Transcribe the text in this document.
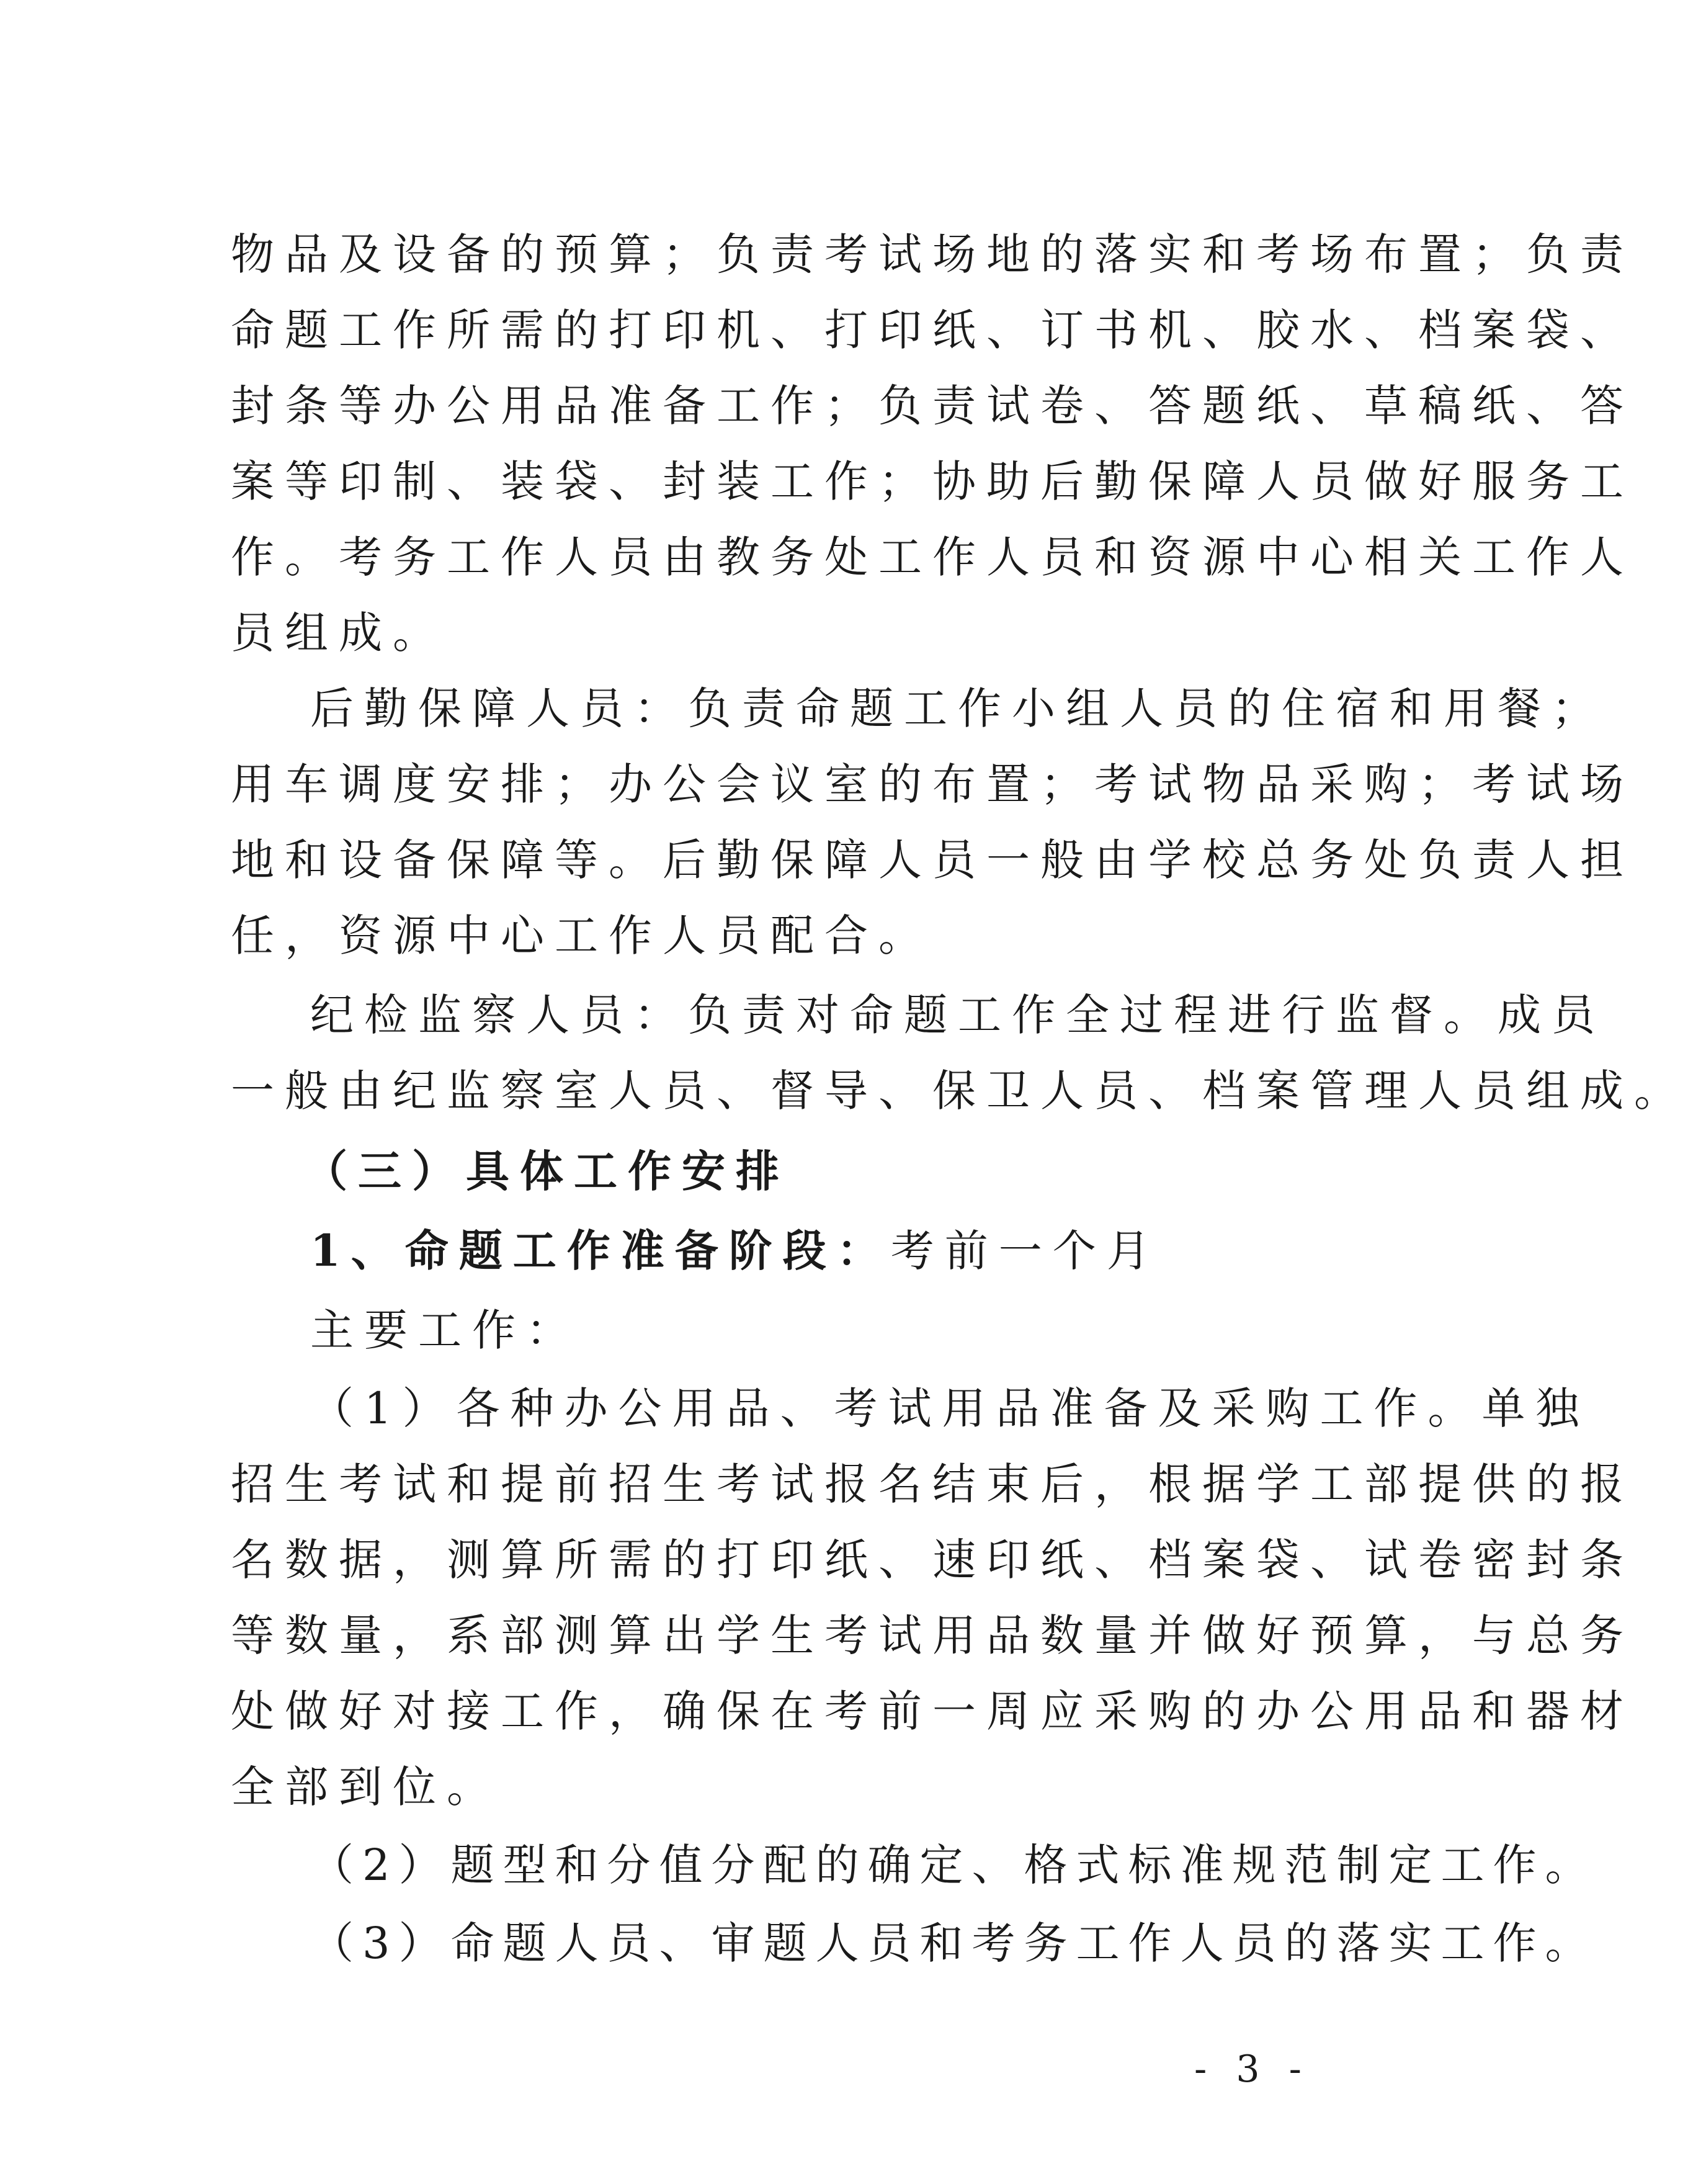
物品及设备的预算；负责考试场地的落实和考场布置；负责
命题工作所需的打印机、打印纸、订书机、胶水、档案袋、
封条等办公用品准备工作；负责试卷、答题纸、草稿纸、答
案等印制、装袋、封装工作；协助后勤保障人员做好服务工
作。考务工作人员由教务处工作人员和资源中心相关工作人
员组成。
后勤保障人员：负责命题工作小组人员的住宿和用餐；
用车调度安排；办公会议室的布置；考试物品采购；考试场
地和设备保障等。后勤保障人员一般由学校总务处负责人担
任，资源中心工作人员配合。
纪检监察人员：负责对命题工作全过程进行监督。成员
一般由纪监察室人员、督导、保卫人员、档案管理人员组成。
（三）具体工作安排
1、命题工作准备阶段：考前一个月
主要工作：
（1）各种办公用品、考试用品准备及采购工作。单独
招生考试和提前招生考试报名结束后，根据学工部提供的报
名数据，测算所需的打印纸、速印纸、档案袋、试卷密封条
等数量，系部测算出学生考试用品数量并做好预算，与总务
处做好对接工作，确保在考前一周应采购的办公用品和器材
全部到位。
（2）题型和分值分配的确定、格式标准规范制定工作。
（3）命题人员、审题人员和考务工作人员的落实工作。
- 3 -
